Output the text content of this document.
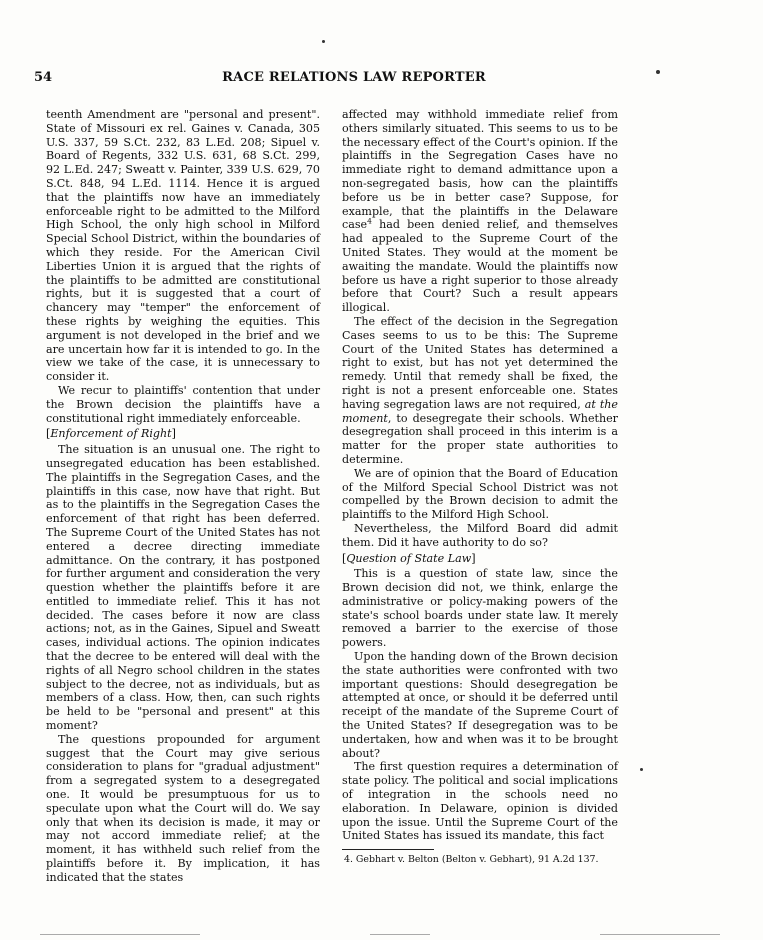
54	RACE RELATIONS LAW REPORTER

teenth Amendment are "personal and present". State of Missouri ex rel. Gaines v. Canada, 305 U.S. 337, 59 S.Ct. 232, 83 L.Ed. 208; Sipuel v. Board of Regents, 332 U.S. 631, 68 S.Ct. 299, 92 L.Ed. 247; Sweatt v. Painter, 339 U.S. 629, 70 S.Ct. 848, 94 L.Ed. 1114. Hence it is argued that the plaintiffs now have an immediately enforceable right to be admitted to the Milford High School, the only high school in Milford Special School District, within the boundaries of which they reside. For the American Civil Liberties Union it is argued that the rights of the plaintiffs to be admitted are constitutional rights, but it is suggested that a court of chancery may "temper" the enforcement of these rights by weighing the equities. This argument is not developed in the brief and we are uncertain how far it is intended to go. In the view we take of the case, it is unnecessary to consider it.

We recur to plaintiffs' contention that under the Brown decision the plaintiffs have a constitutional right immediately enforceable.

[Enforcement of Right]

The situation is an unusual one. The right to unsegregated education has been established. The plaintiffs in the Segregation Cases, and the plaintiffs in this case, now have that right. But as to the plaintiffs in the Segregation Cases the enforcement of that right has been deferred. The Supreme Court of the United States has not entered a decree directing immediate admittance. On the contrary, it has postponed for further argument and consideration the very question whether the plaintiffs before it are entitled to immediate relief. This it has not decided. The cases before it now are class actions; not, as in the Gaines, Sipuel and Sweatt cases, individual actions. The opinion indicates that the decree to be entered will deal with the rights of all Negro school children in the states subject to the decree, not as individuals, but as members of a class. How, then, can such rights be held to be "personal and present" at this moment?

The questions propounded for argument suggest that the Court may give serious consideration to plans for "gradual adjustment" from a segregated system to a desegregated one. It would be presumptuous for us to speculate upon what the Court will do. We say only that when its decision is made, it may or may not accord immediate relief; at the moment, it has withheld such relief from the plaintiffs before it. By implication, it has indicated that the states

affected may withhold immediate relief from others similarly situated. This seems to us to be the necessary effect of the Court's opinion. If the plaintiffs in the Segregation Cases have no immediate right to demand admittance upon a non-segregated basis, how can the plaintiffs before us be in better case? Suppose, for example, that the plaintiffs in the Delaware case$^4$ had been denied relief, and themselves had appealed to the Supreme Court of the United States. They would at the moment be awaiting the mandate. Would the plaintiffs now before us have a right superior to those already before that Court? Such a result appears illogical.

The effect of the decision in the Segregation Cases seems to us to be this: The Supreme Court of the United States has determined a right to exist, but has not yet determined the remedy. Until that remedy shall be fixed, the right is not a present enforceable one. States having segregation laws are not required, at the moment, to desegregate their schools. Whether desegregation shall proceed in this interim is a matter for the proper state authorities to determine.

We are of opinion that the Board of Education of the Milford Special School District was not compelled by the Brown decision to admit the plaintiffs to the Milford High School.

Nevertheless, the Milford Board did admit them. Did it have authority to do so?

[Question of State Law]

This is a question of state law, since the Brown decision did not, we think, enlarge the administrative or policy-making powers of the state's school boards under state law. It merely removed a barrier to the exercise of those powers.

Upon the handing down of the Brown decision the state authorities were confronted with two important questions: Should desegregation be attempted at once, or should it be deferred until receipt of the mandate of the Supreme Court of the United States? If desegregation was to be undertaken, how and when was it to be brought about?

The first question requires a determination of state policy. The political and social implications of integration in the schools need no elaboration. In Delaware, opinion is divided upon the issue. Until the Supreme Court of the United States has issued its mandate, this fact

4. Gebhart v. Belton (Belton v. Gebhart), 91 A.2d 137.
